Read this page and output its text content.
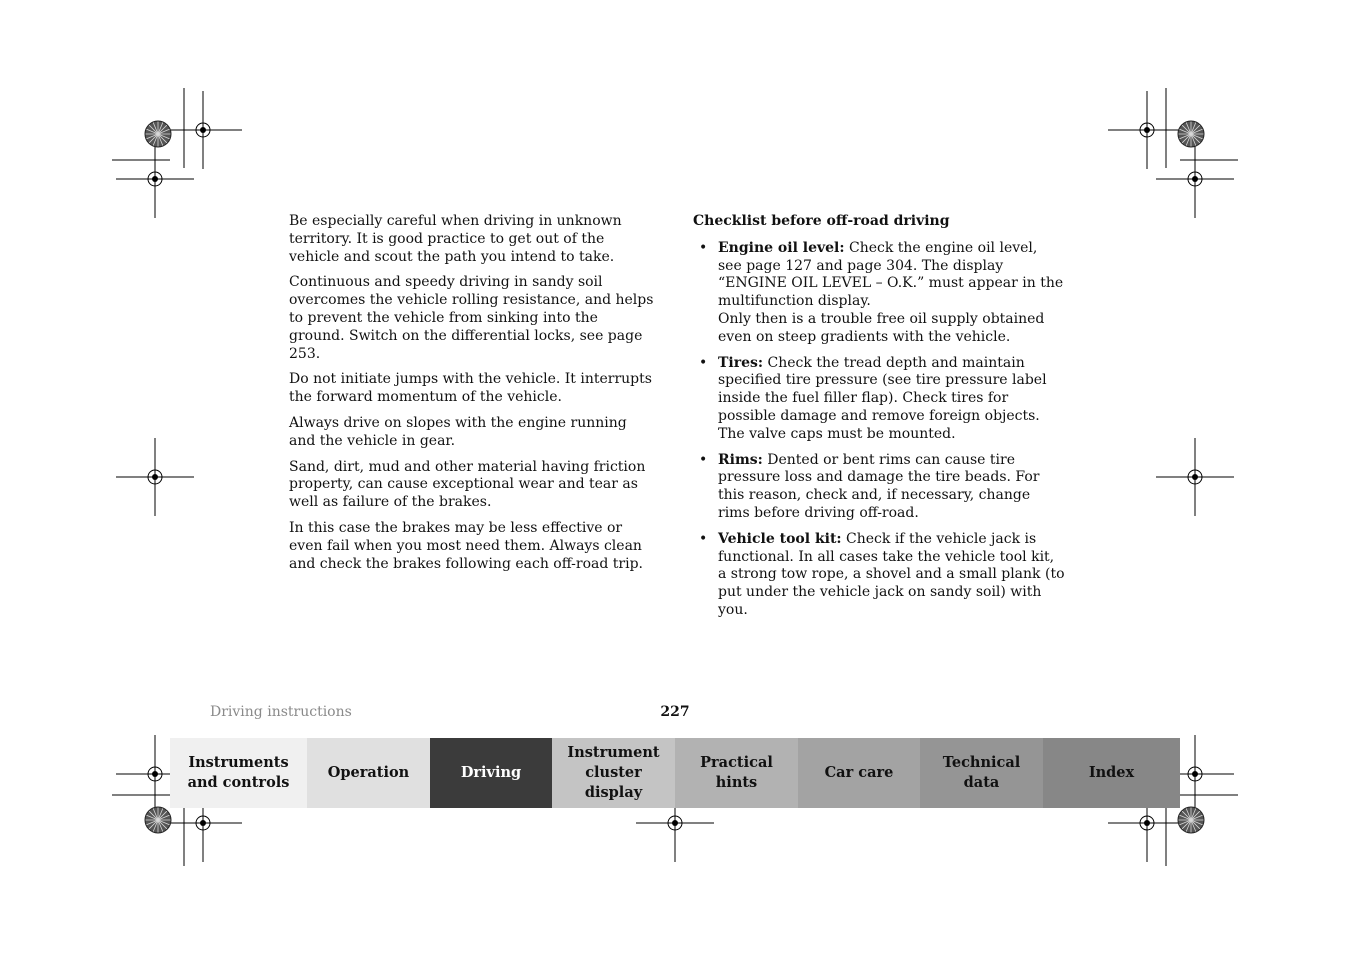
Be especially careful when driving in unknown territory. It is good practice to get out of the vehicle and scout the path you intend to take.

Continuous and speedy driving in sandy soil overcomes the vehicle rolling resistance, and helps to prevent the vehicle from sinking into the ground. Switch on the differential locks, see page 253.

Do not initiate jumps with the vehicle. It interrupts the forward momentum of the vehicle.

Always drive on slopes with the engine running and the vehicle in gear.

Sand, dirt, mud and other material having friction property, can cause exceptional wear and tear as well as failure of the brakes.

In this case the brakes may be less effective or even fail when you most need them. Always clean and check the brakes following each off-road trip.

Checklist before off-road driving
• Engine oil level: Check the engine oil level, see page 127 and page 304. The display “ENGINE OIL LEVEL – O.K.” must appear in the multifunction display.
Only then is a trouble free oil supply obtained even on steep gradients with the vehicle.
• Tires: Check the tread depth and maintain specified tire pressure (see tire pressure label inside the fuel filler flap). Check tires for possible damage and remove foreign objects. The valve caps must be mounted.
• Rims: Dented or bent rims can cause tire pressure loss and damage the tire beads. For this reason, check and, if necessary, change rims before driving off-road.
• Vehicle tool kit: Check if the vehicle jack is functional. In all cases take the vehicle tool kit, a strong tow rope, a shovel and a small plank (to put under the vehicle jack on sandy soil) with you.
Driving instructions	227
Instruments
and controls
Operation	Driving
Instrument
cluster display
Practical hints
Car care
Technical
data
Index
